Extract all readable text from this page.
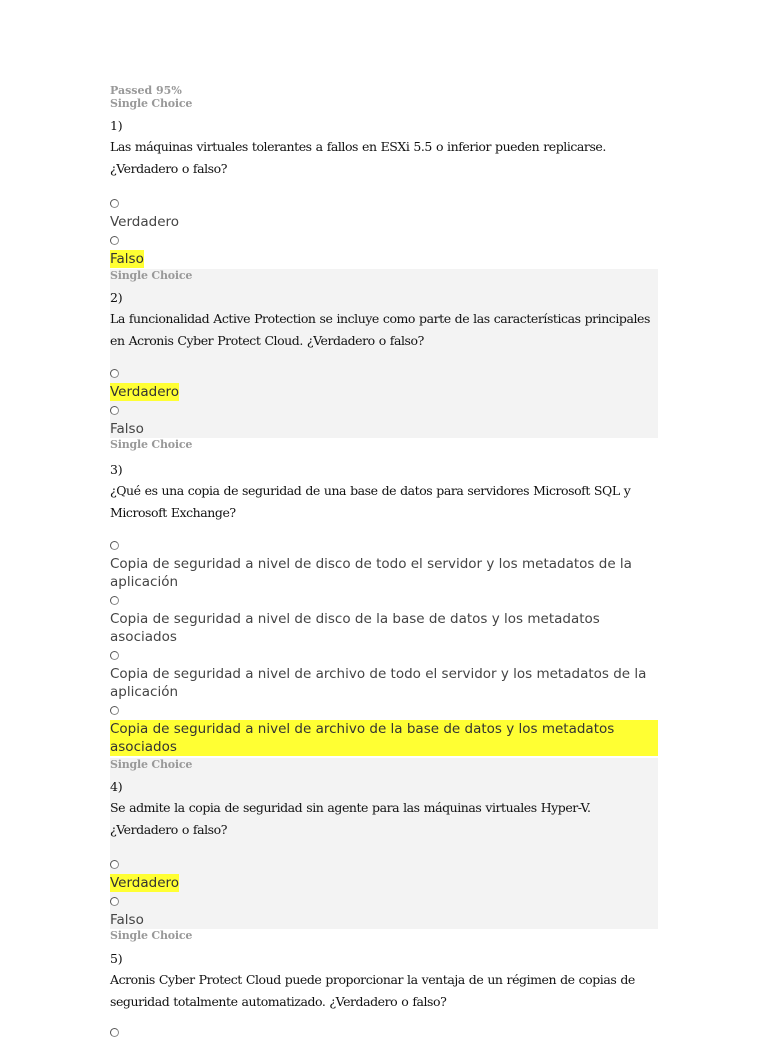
Passed 95%
Single Choice
1)
Las máquinas virtuales tolerantes a fallos en ESXi 5.5 o inferior pueden replicarse. ¿Verdadero o falso?
Verdadero
Falso
Single Choice
2)
La funcionalidad Active Protection se incluye como parte de las características principales en Acronis Cyber Protect Cloud. ¿Verdadero o falso?
Verdadero
Falso
Single Choice
3)
¿Qué es una copia de seguridad de una base de datos para servidores Microsoft SQL y Microsoft Exchange?
Copia de seguridad a nivel de disco de todo el servidor y los metadatos de la aplicación
Copia de seguridad a nivel de disco de la base de datos y los metadatos asociados
Copia de seguridad a nivel de archivo de todo el servidor y los metadatos de la aplicación
Copia de seguridad a nivel de archivo de la base de datos y los metadatos asociados
Single Choice
4)
Se admite la copia de seguridad sin agente para las máquinas virtuales Hyper-V. ¿Verdadero o falso?
Verdadero
Falso
Single Choice
5)
Acronis Cyber Protect Cloud puede proporcionar la ventaja de un régimen de copias de seguridad totalmente automatizado. ¿Verdadero o falso?
